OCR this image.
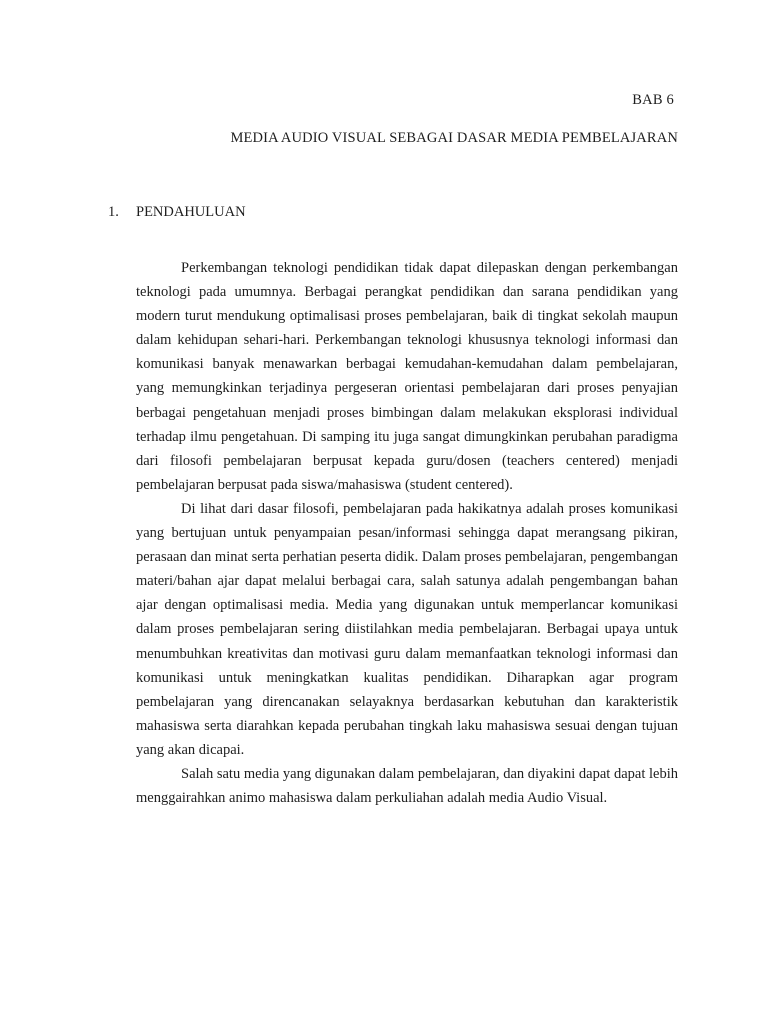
BAB 6
MEDIA AUDIO VISUAL SEBAGAI DASAR MEDIA PEMBELAJARAN
1. PENDAHULUAN

Perkembangan teknologi pendidikan tidak dapat dilepaskan dengan perkembangan teknologi pada umumnya. Berbagai perangkat pendidikan dan sarana pendidikan yang modern turut mendukung optimalisasi proses pembelajaran, baik di tingkat sekolah maupun dalam kehidupan sehari-hari. Perkembangan teknologi khususnya teknologi informasi dan komunikasi banyak menawarkan berbagai kemudahan-kemudahan dalam pembelajaran, yang memungkinkan terjadinya pergeseran orientasi pembelajaran dari proses penyajian berbagai pengetahuan menjadi proses bimbingan dalam melakukan eksplorasi individual terhadap ilmu pengetahuan. Di samping itu juga sangat dimungkinkan perubahan paradigma dari filosofi pembelajaran berpusat kepada guru/dosen (teachers centered) menjadi pembelajaran berpusat pada siswa/mahasiswa (student centered).

Di lihat dari dasar filosofi, pembelajaran pada hakikatnya adalah proses komunikasi yang bertujuan untuk penyampaian pesan/informasi sehingga dapat merangsang pikiran, perasaan dan minat serta perhatian peserta didik. Dalam proses pembelajaran, pengembangan materi/bahan ajar dapat melalui berbagai cara, salah satunya adalah pengembangan bahan ajar dengan optimalisasi media. Media yang digunakan untuk memperlancar komunikasi dalam proses pembelajaran sering diistilahkan media pembelajaran. Berbagai upaya untuk menumbuhkan kreativitas dan motivasi guru dalam memanfaatkan teknologi informasi dan komunikasi untuk meningkatkan kualitas pendidikan. Diharapkan agar program pembelajaran yang direncanakan selayaknya berdasarkan kebutuhan dan karakteristik mahasiswa serta diarahkan kepada perubahan tingkah laku mahasiswa sesuai dengan tujuan yang akan dicapai.

Salah satu media yang digunakan dalam pembelajaran, dan diyakini dapat dapat lebih menggairahkan animo mahasiswa dalam perkuliahan adalah media Audio Visual.
